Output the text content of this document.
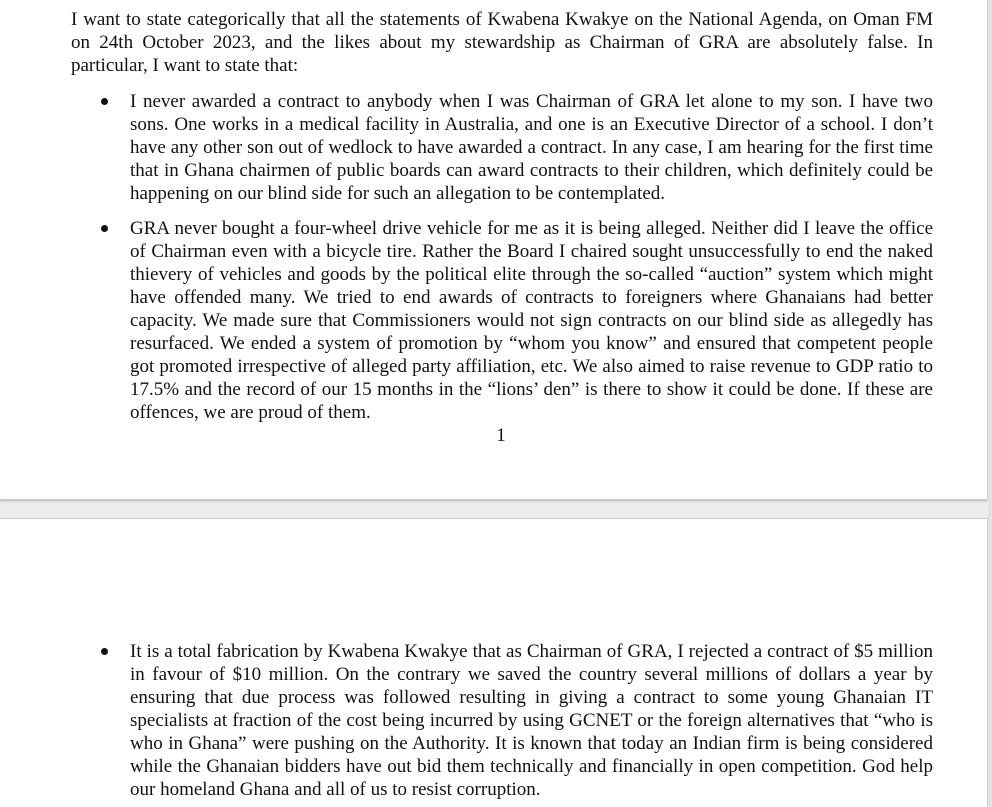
I want to state categorically that all the statements of Kwabena Kwakye on the National Agenda, on Oman FM on 24th October 2023, and the likes about my stewardship as Chairman of GRA are absolutely false. In particular, I want to state that:

I never awarded a contract to anybody when I was Chairman of GRA let alone to my son. I have two sons. One works in a medical facility in Australia, and one is an Executive Director of a school. I don’t have any other son out of wedlock to have awarded a contract. In any case, I am hearing for the first time that in Ghana chairmen of public boards can award contracts to their children, which definitely could be happening on our blind side for such an allegation to be contemplated.
GRA never bought a four-wheel drive vehicle for me as it is being alleged. Neither did I leave the office of Chairman even with a bicycle tire. Rather the Board I chaired sought unsuccessfully to end the naked thievery of vehicles and goods by the political elite through the so-called “auction” system which might have offended many. We tried to end awards of contracts to foreigners where Ghanaians had better capacity. We made sure that Commissioners would not sign contracts on our blind side as allegedly has resurfaced. We ended a system of promotion by “whom you know” and ensured that competent people got promoted irrespective of alleged party affiliation, etc. We also aimed to raise revenue to GDP ratio to 17.5% and the record of our 15 months in the “lions’ den” is there to show it could be done. If these are offences, we are proud of them.
1
It is a total fabrication by Kwabena Kwakye that as Chairman of GRA, I rejected a contract of $5 million in favour of $10 million. On the contrary we saved the country several millions of dollars a year by ensuring that due process was followed resulting in giving a contract to some young Ghanaian IT specialists at fraction of the cost being incurred by using GCNET or the foreign alternatives that “who is who in Ghana” were pushing on the Authority. It is known that today an Indian firm is being considered while the Ghanaian bidders have out bid them technically and financially in open competition. God help our homeland Ghana and all of us to resist corruption.
